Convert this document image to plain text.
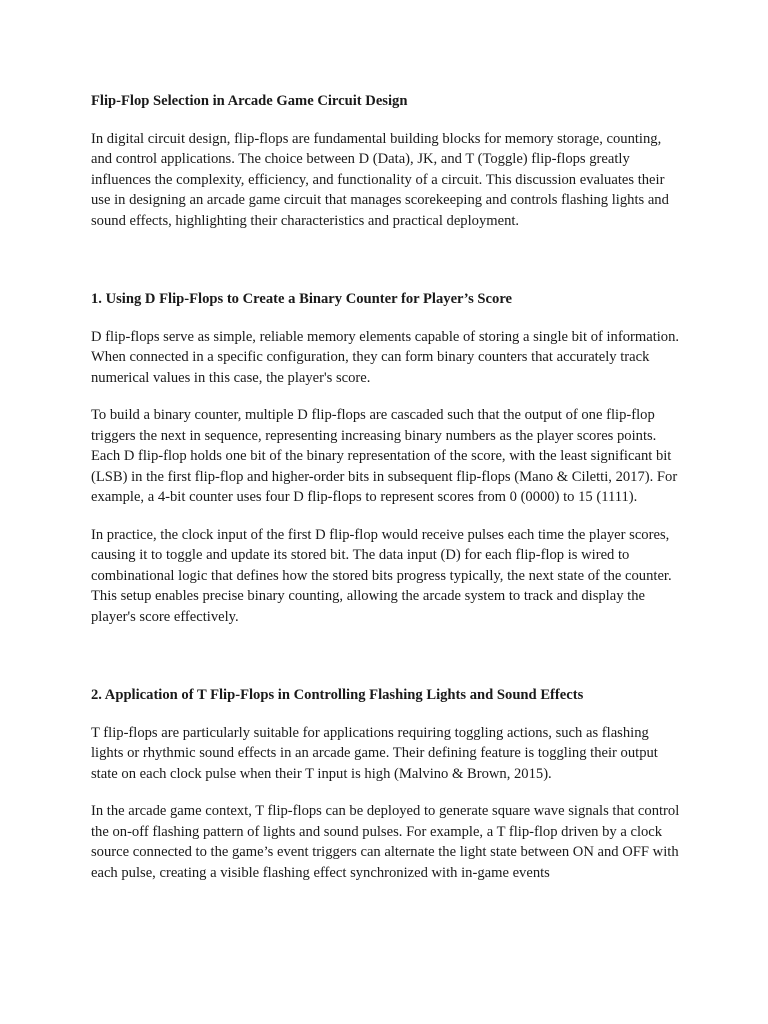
Flip-Flop Selection in Arcade Game Circuit Design

In digital circuit design, flip-flops are fundamental building blocks for memory storage, counting, and control applications. The choice between D (Data), JK, and T (Toggle) flip-flops greatly influences the complexity, efficiency, and functionality of a circuit. This discussion evaluates their use in designing an arcade game circuit that manages scorekeeping and controls flashing lights and sound effects, highlighting their characteristics and practical deployment.

1. Using D Flip-Flops to Create a Binary Counter for Player’s Score

D flip-flops serve as simple, reliable memory elements capable of storing a single bit of information. When connected in a specific configuration, they can form binary counters that accurately track numerical values in this case, the player's score.

To build a binary counter, multiple D flip-flops are cascaded such that the output of one flip-flop triggers the next in sequence, representing increasing binary numbers as the player scores points. Each D flip-flop holds one bit of the binary representation of the score, with the least significant bit (LSB) in the first flip-flop and higher-order bits in subsequent flip-flops (Mano & Ciletti, 2017). For example, a 4-bit counter uses four D flip-flops to represent scores from 0 (0000) to 15 (1111).

In practice, the clock input of the first D flip-flop would receive pulses each time the player scores, causing it to toggle and update its stored bit. The data input (D) for each flip-flop is wired to combinational logic that defines how the stored bits progress typically, the next state of the counter. This setup enables precise binary counting, allowing the arcade system to track and display the player's score effectively.

2. Application of T Flip-Flops in Controlling Flashing Lights and Sound Effects

T flip-flops are particularly suitable for applications requiring toggling actions, such as flashing lights or rhythmic sound effects in an arcade game. Their defining feature is toggling their output state on each clock pulse when their T input is high (Malvino & Brown, 2015).

In the arcade game context, T flip-flops can be deployed to generate square wave signals that control the on-off flashing pattern of lights and sound pulses. For example, a T flip-flop driven by a clock source connected to the game’s event triggers can alternate the light state between ON and OFF with each pulse, creating a visible flashing effect synchronized with in-game events
